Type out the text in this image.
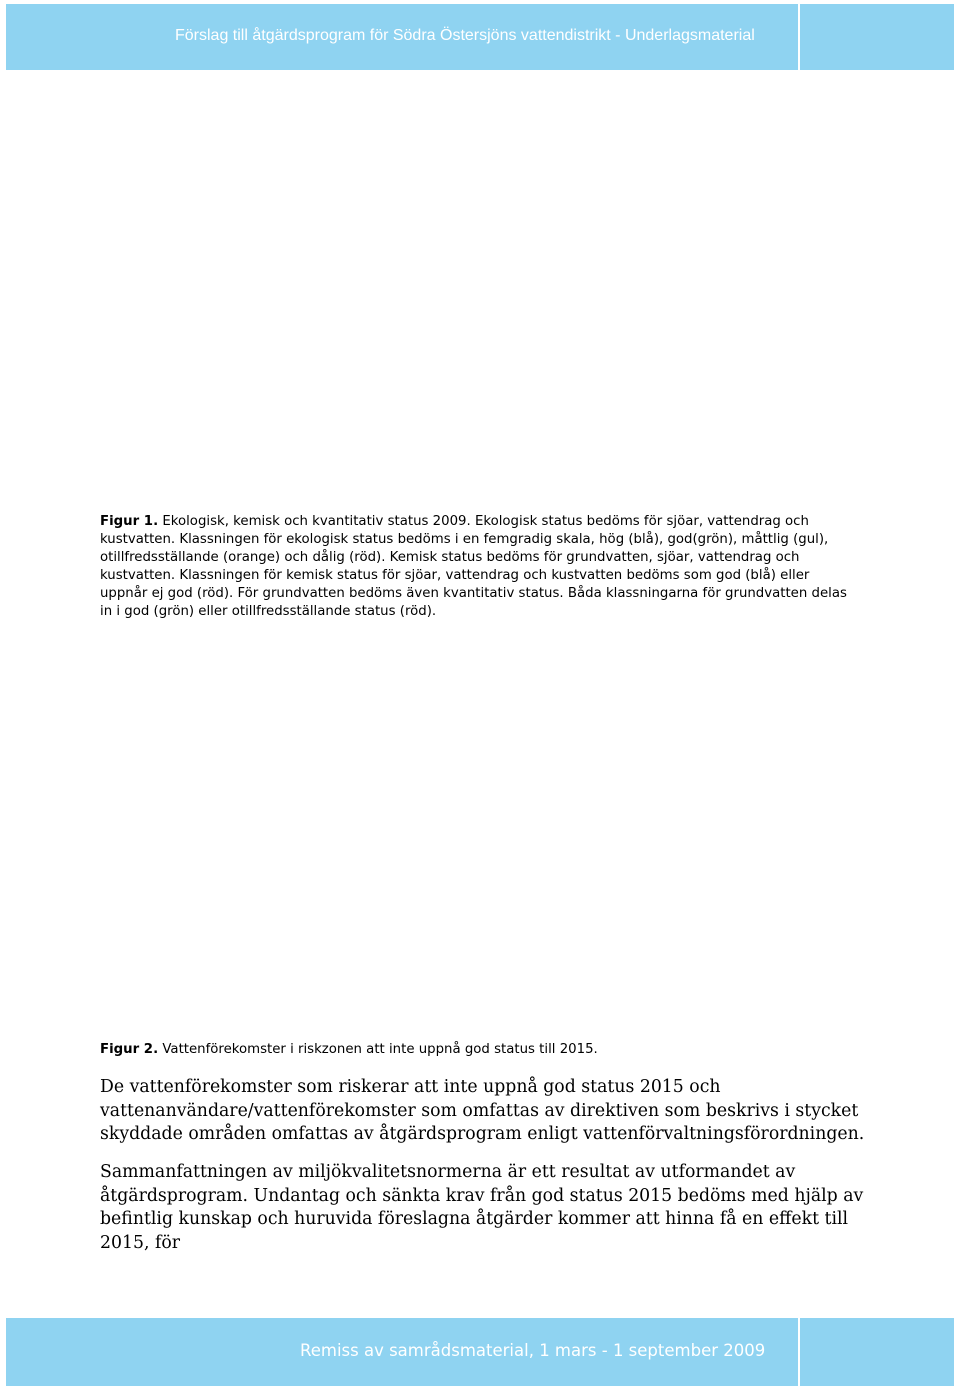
Förslag till åtgärdsprogram för Södra Östersjöns vattendistrikt - Underlagsmaterial

Figur 1. Ekologisk, kemisk och kvantitativ status 2009. Ekologisk status bedöms för sjöar, vattendrag och kustvatten. Klassningen för ekologisk status bedöms i en femgradig skala, hög (blå), god(grön), måttlig (gul), otillfredsställande (orange) och dålig (röd). Kemisk status bedöms för grundvatten, sjöar, vattendrag och kustvatten. Klassningen för kemisk status för sjöar, vattendrag och kustvatten bedöms som god (blå) eller uppnår ej god (röd). För grundvatten bedöms även kvantitativ status. Båda klassningarna för grundvatten delas in i god (grön) eller otillfredsställande status (röd).

Figur 2. Vattenförekomster i riskzonen att inte uppnå god status till 2015.

De vattenförekomster som riskerar att inte uppnå god status 2015 och vattenanvändare/vattenförekomster som omfattas av direktiven som beskrivs i stycket skyddade områden omfattas av åtgärdsprogram enligt vattenförvaltningsförordningen.

Sammanfattningen av miljökvalitetsnormerna är ett resultat av utformandet av åtgärdsprogram. Undantag och sänkta krav från god status 2015 bedöms med hjälp av befintlig kunskap och huruvida föreslagna åtgärder kommer att hinna få en effekt till 2015, för

Remiss av samrådsmaterial, 1 mars - 1 september 2009
